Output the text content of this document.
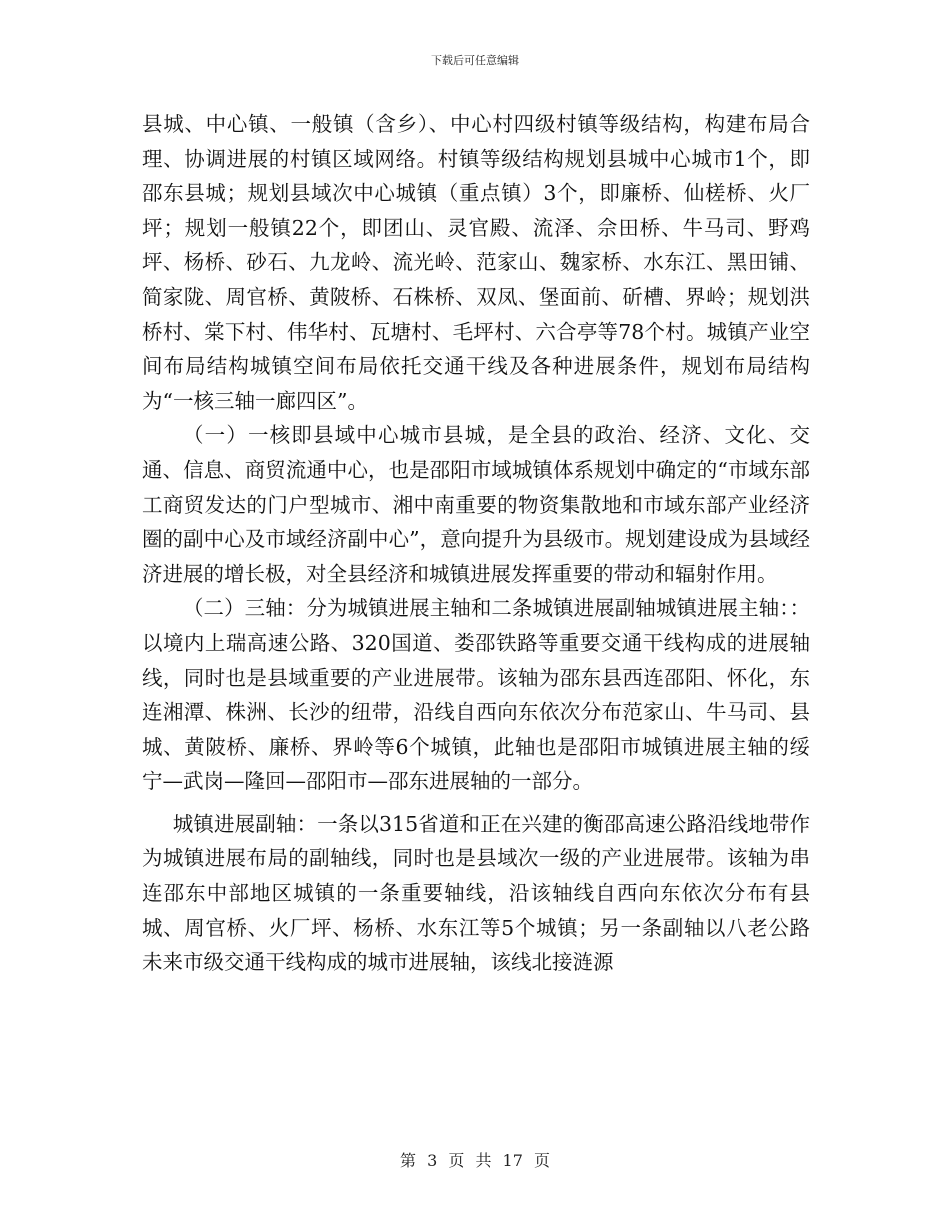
下载后可任意编辑

县城、中心镇、一般镇（含乡）、中心村四级村镇等级结构，构建布局合理、协调进展的村镇区域网络。村镇等级结构规划县城中心城市1个，即邵东县城；规划县域次中心城镇（重点镇）3个，即廉桥、仙槎桥、火厂坪；规划一般镇22个，即团山、灵官殿、流泽、佘田桥、牛马司、野鸡坪、杨桥、砂石、九龙岭、流光岭、范家山、魏家桥、水东江、黑田铺、简家陇、周官桥、黄陂桥、石株桥、双凤、堡面前、斫槽、界岭；规划洪桥村、棠下村、伟华村、瓦塘村、毛坪村、六合亭等78个村。城镇产业空间布局结构城镇空间布局依托交通干线及各种进展条件，规划布局结构为“一核三轴一廊四区”。

（一）一核即县域中心城市县城，是全县的政治、经济、文化、交通、信息、商贸流通中心，也是邵阳市域城镇体系规划中确定的“市域东部工商贸发达的门户型城市、湘中南重要的物资集散地和市域东部产业经济圈的副中心及市域经济副中心”，意向提升为县级市。规划建设成为县域经济进展的增长极，对全县经济和城镇进展发挥重要的带动和辐射作用。

（二）三轴：分为城镇进展主轴和二条城镇进展副轴城镇进展主轴：：以境内上瑞高速公路、320国道、娄邵铁路等重要交通干线构成的进展轴线，同时也是县域重要的产业进展带。该轴为邵东县西连邵阳、怀化，东连湘潭、株洲、长沙的纽带，沿线自西向东依次分布范家山、牛马司、县城、黄陂桥、廉桥、界岭等6个城镇，此轴也是邵阳市城镇进展主轴的绥宁—武岗—隆回—邵阳市—邵东进展轴的一部分。

城镇进展副轴：一条以315省道和正在兴建的衡邵高速公路沿线地带作为城镇进展布局的副轴线，同时也是县域次一级的产业进展带。该轴为串连邵东中部地区城镇的一条重要轴线，沿该轴线自西向东依次分布有县城、周官桥、火厂坪、杨桥、水东江等5个城镇；另一条副轴以八老公路未来市级交通干线构成的城市进展轴，该线北接涟源

第 3 页 共 17 页
